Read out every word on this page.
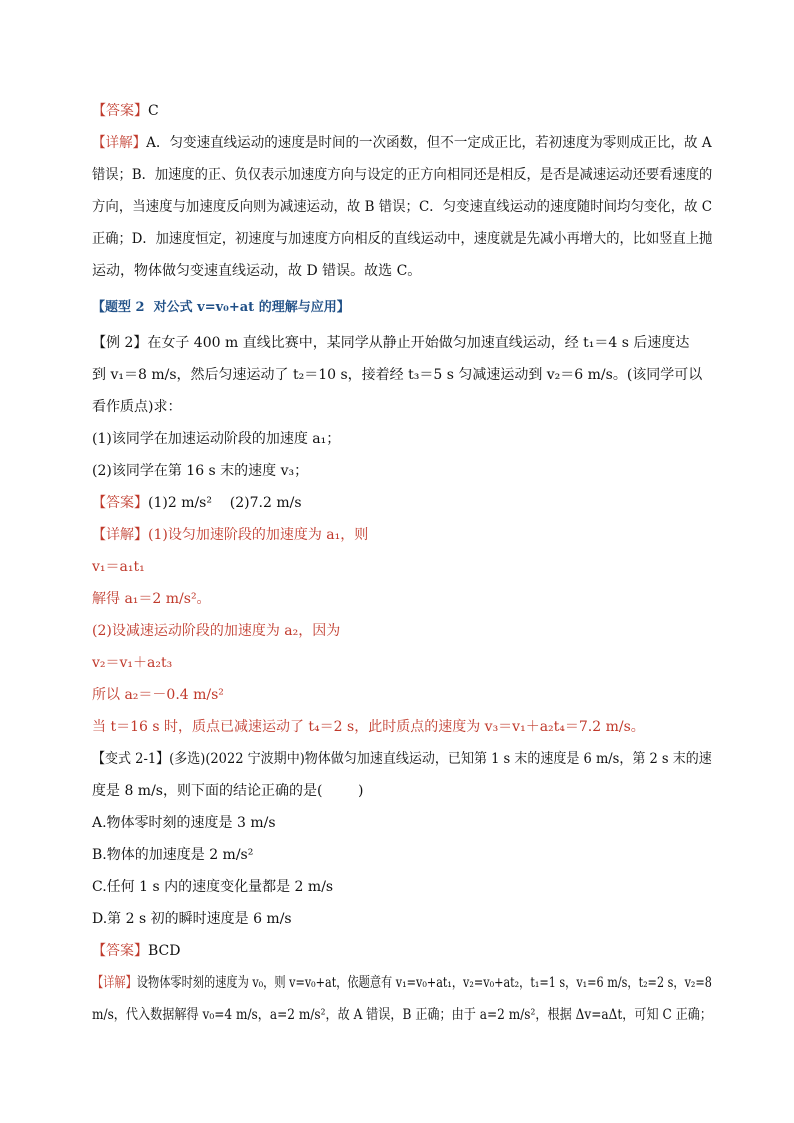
【答案】C
【详解】A．匀变速直线运动的速度是时间的一次函数，但不一定成正比，若初速度为零则成正比，故 A
错误；B．加速度的正、负仅表示加速度方向与设定的正方向相同还是相反，是否是减速运动还要看速度的
方向，当速度与加速度反向则为减速运动，故 B 错误；C．匀变速直线运动的速度随时间均匀变化，故 C
正确；D．加速度恒定，初速度与加速度方向相反的直线运动中，速度就是先减小再增大的，比如竖直上抛
运动，物体做匀变速直线运动，故 D 错误。故选 C。
【题型 2  对公式 v=v₀+at 的理解与应用】
【例 2】在女子 400 m 直线比赛中，某同学从静止开始做匀加速直线运动，经 t₁＝4 s 后速度达
到 v₁＝8 m/s，然后匀速运动了 t₂＝10 s，接着经 t₃＝5 s 匀减速运动到 v₂＝6 m/s。(该同学可以
看作质点)求：
(1)该同学在加速运动阶段的加速度 a₁；
(2)该同学在第 16 s 末的速度 v₃；
【答案】(1)2 m/s²    (2)7.2 m/s
【详解】(1)设匀加速阶段的加速度为 a₁，则
v₁＝a₁t₁
解得 a₁＝2 m/s²。
(2)设减速运动阶段的加速度为 a₂，因为
v₂＝v₁＋a₂t₃
所以 a₂＝－0.4 m/s²
当 t＝16 s 时，质点已减速运动了 t₄＝2 s，此时质点的速度为 v₃＝v₁＋a₂t₄＝7.2 m/s。
【变式 2-1】(多选)(2022 宁波期中)物体做匀加速直线运动，已知第 1 s 末的速度是 6 m/s，第 2 s 末的速
度是 8 m/s，则下面的结论正确的是(        )
A.物体零时刻的速度是 3 m/s
B.物体的加速度是 2 m/s²
C.任何 1 s 内的速度变化量都是 2 m/s
D.第 2 s 初的瞬时速度是 6 m/s
【答案】BCD
【详解】设物体零时刻的速度为 v₀，则 v=v₀+at，依题意有 v₁=v₀+at₁，v₂=v₀+at₂，t₁=1 s，v₁=6 m/s，t₂=2 s，v₂=8
m/s，代入数据解得 v₀=4 m/s，a=2 m/s²，故 A 错误，B 正确；由于 a=2 m/s²，根据 Δv=aΔt，可知 C 正确；
